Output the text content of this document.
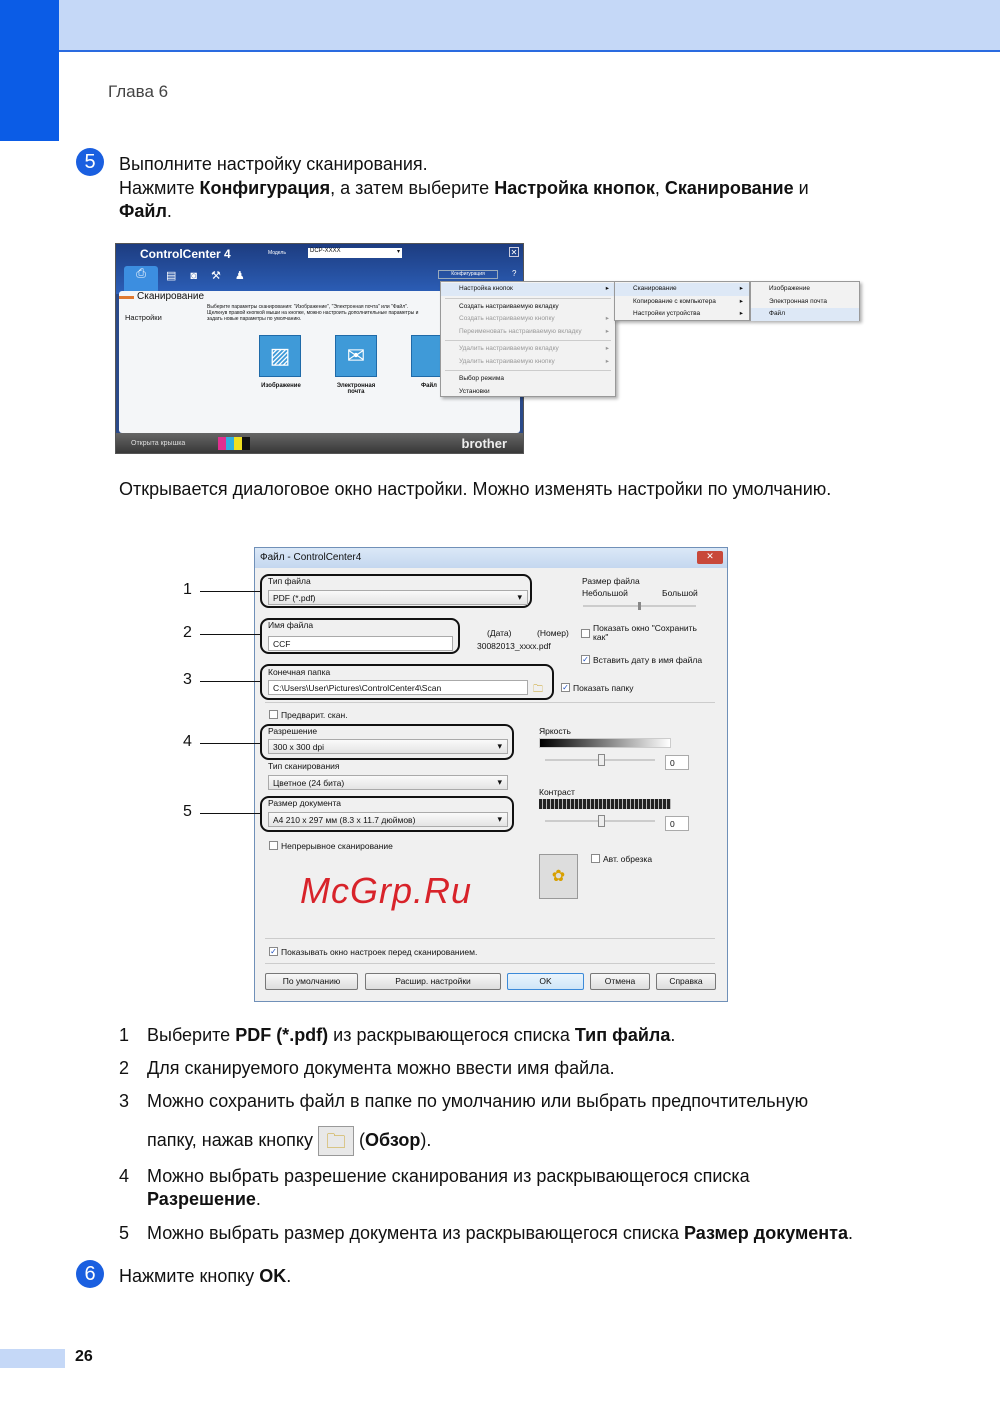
Глава 6
5	Выполните настройку сканирования.
Нажмите Конфигурация, а затем выберите Настройка кнопок, Сканирование и
Файл.
ControlCenter 4	Модель	DCP-XXXX	▾	✕
⎙	▤◙⚒♟	Конфигурация	?
Сканирование
Настройки
Выберите параметры сканирования: "Изображение", "Электронная почта" или "Файл". Щелкнув правой кнопкой мыши на кнопке, можно настроить дополнительные параметры и задать новые параметры по умолчанию.
▨
Изображение
✉
Электронная почта
Файл
Открыта крышка	brother
Настройка кнопок ▸
Создать настраиваемую вкладку
Создать настраиваемую кнопку ▸
Переименовать настраиваемую вкладку ▸
Удалить настраиваемую вкладку ▸
Удалить настраиваемую кнопку ▸
Выбор режима
Установки
Сканирование ▸
Копирование с компьютера ▸
Настройки устройства ▸
Изображение
Электронная почта
Файл
Открывается диалоговое окно настройки. Можно изменять настройки по умолчанию.
Файл - ControlCenter4	✕
Тип файла
PDF (*.pdf) ▾
Имя файла
CCF
(Дата)	(Номер)
30082013_xxxx.pdf
Размер файла
Небольшой	Большой
Показать окно "Сохранить как"
✓ Вставить дату в имя файла
Конечная папка
C:\Users\User\Pictures\ControlCenter4\Scan	🗀 ✓ Показать папку
Предварит. скан.
Разрешение
300 x 300 dpi ▾
Тип сканирования
Цветное (24 бита) ▾
Размер документа
A4 210 x 297 мм (8.3 x 11.7 дюймов) ▾
Непрерывное сканирование
Яркость
0
Контраст
0
✿
Авт. обрезка
✓ Показывать окно настроек перед сканированием.
По умолчанию	Расшир. настройки	OK	Отмена	Справка
McGrp.Ru
1
2
3
4
5
1 Выберите PDF (*.pdf) из раскрывающегося списка Тип файла.
2 Для сканируемого документа можно ввести имя файла.
3 Можно сохранить файл в папке по умолчанию или выбрать предпочтительную
папку, нажав кнопку 🗀 (Обзор).
4 Можно выбрать разрешение сканирования из раскрывающегося списка
Разрешение.
5 Можно выбрать размер документа из раскрывающегося списка Размер документа.
6	Нажмите кнопку OK.
26
